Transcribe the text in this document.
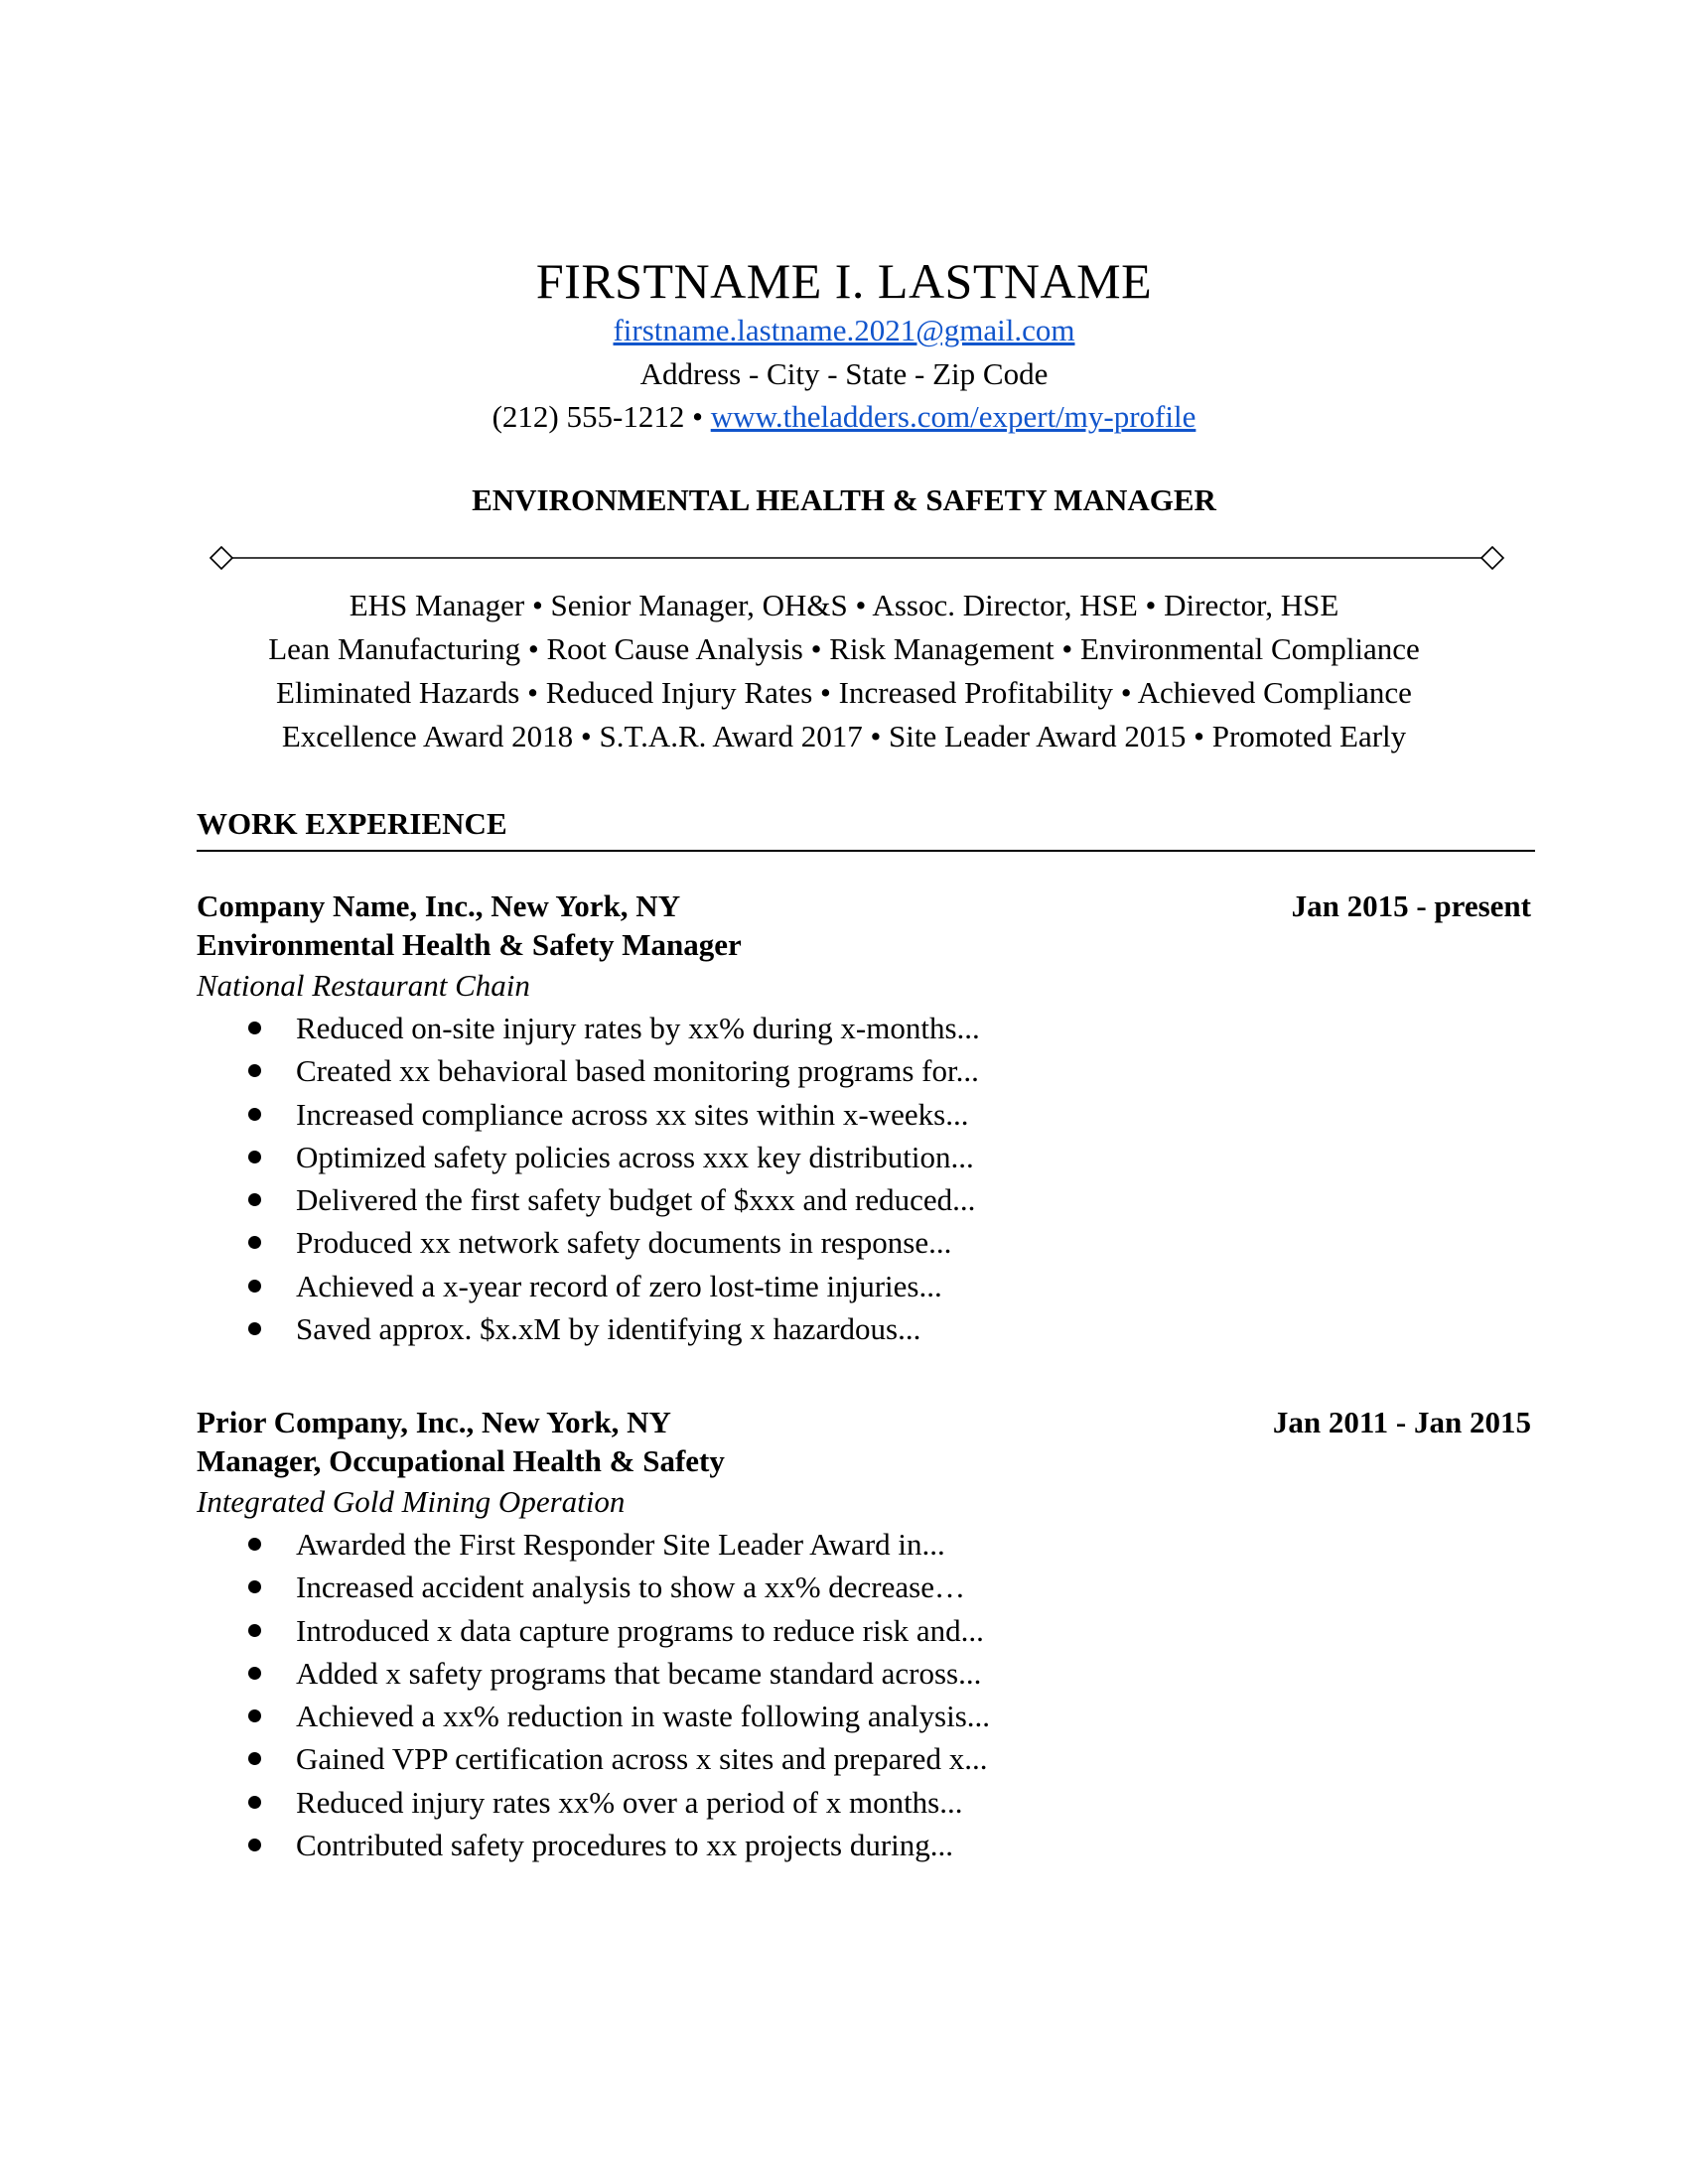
FIRSTNAME I. LASTNAME
firstname.lastname.2021@gmail.com
Address - City - State - Zip Code
(212) 555-1212 • www.theladders.com/expert/my-profile
ENVIRONMENTAL HEALTH & SAFETY MANAGER
EHS Manager • Senior Manager, OH&S • Assoc. Director, HSE • Director, HSE
Lean Manufacturing • Root Cause Analysis • Risk Management • Environmental Compliance
Eliminated Hazards • Reduced Injury Rates • Increased Profitability • Achieved Compliance
Excellence Award 2018 • S.T.A.R. Award 2017 • Site Leader Award 2015 • Promoted Early
WORK EXPERIENCE
Company Name, Inc., New York, NY	Jan 2015 - present
Environmental Health & Safety Manager
National Restaurant Chain
Reduced on-site injury rates by xx% during x-months...
Created xx behavioral based monitoring programs for...
Increased compliance across xx sites within x-weeks...
Optimized safety policies across xxx key distribution...
Delivered the first safety budget of $xxx and reduced...
Produced xx network safety documents in response...
Achieved a x-year record of zero lost-time injuries...
Saved approx. $x.xM by identifying x hazardous...
Prior Company, Inc., New York, NY	Jan 2011 - Jan 2015
Manager, Occupational Health & Safety
Integrated Gold Mining Operation
Awarded the First Responder Site Leader Award in...
Increased accident analysis to show a xx% decrease…
Introduced x data capture programs to reduce risk and...
Added x safety programs that became standard across...
Achieved a xx% reduction in waste following analysis...
Gained VPP certification across x sites and prepared x...
Reduced injury rates xx% over a period of x months...
Contributed safety procedures to xx projects during...
